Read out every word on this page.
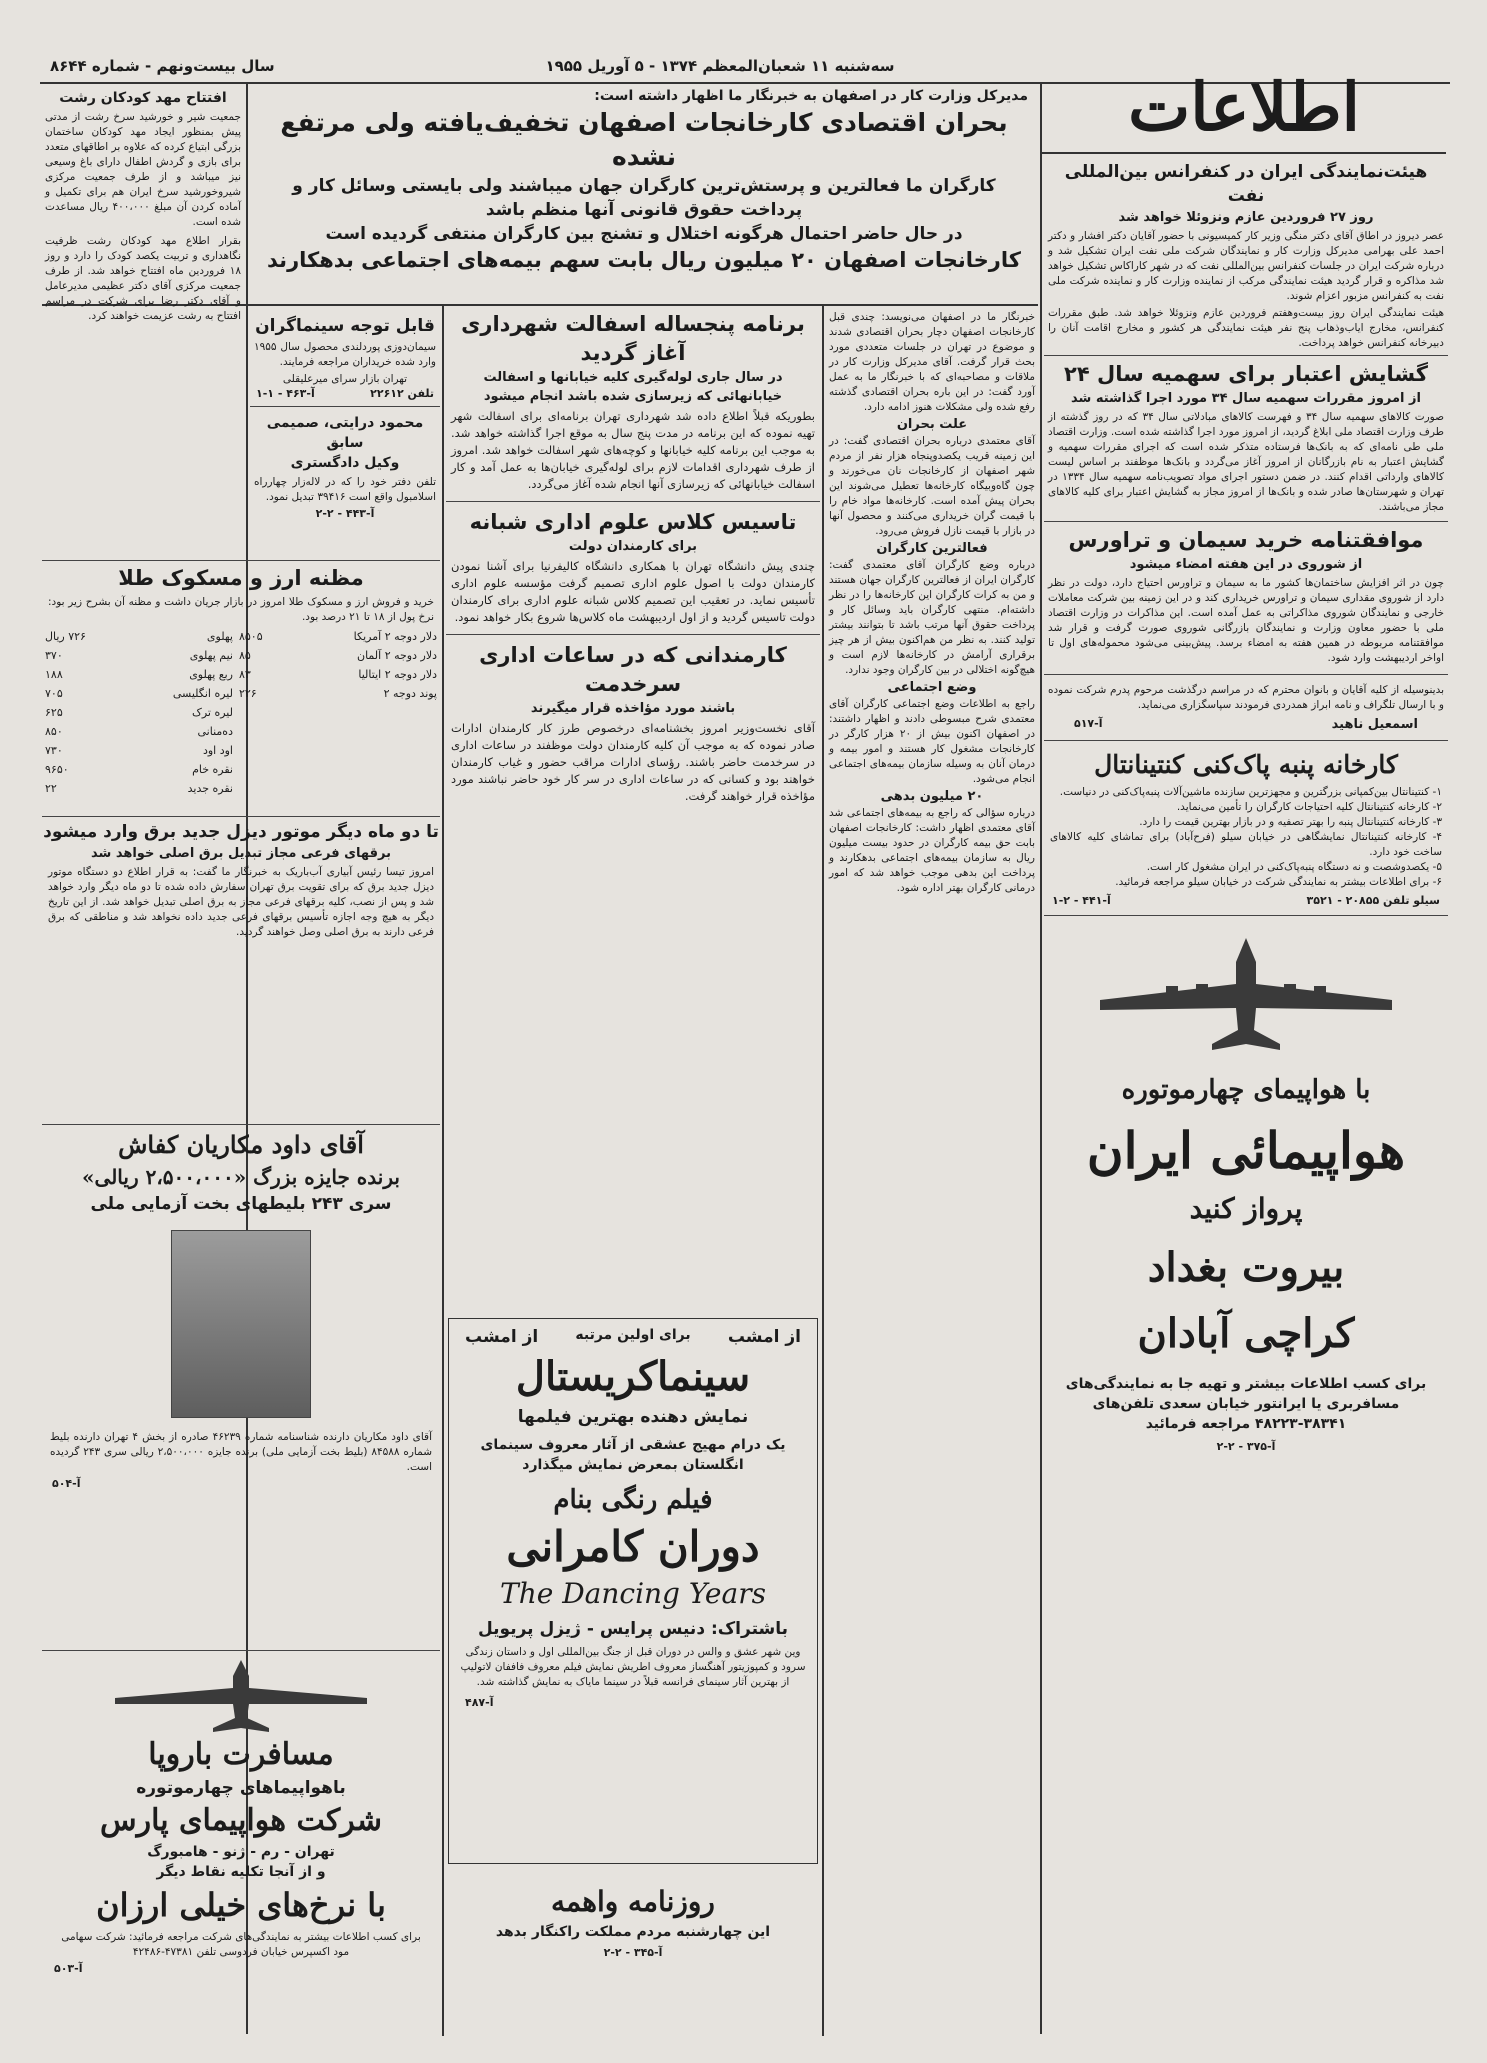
سه‌شنبه ۱۱ شعبان‌المعظم ۱۳۷۴ - ۵ آوریل ۱۹۵۵
سال بیست‌ونهم - شماره ۸۶۴۴
اطلاعات
هیئت‌نمایندگی ایران در کنفرانس بین‌المللی نفت
روز ۲۷ فروردین عازم ونزوئلا خواهد شد
عصر دیروز در اطاق آقای دکتر منگی وزیر کار کمیسیونی با حضور آقایان دکتر افشار و دکتر احمد علی بهرامی مدیرکل وزارت کار و نمایندگان شرکت ملی نفت ایران تشکیل شد و درباره شرکت ایران در جلسات کنفرانس بین‌المللی نفت که در شهر کاراکاس تشکیل خواهد شد مذاکره و قرار گردید هیئت نمایندگی مرکب از نماینده وزارت کار و نماینده شرکت ملی نفت به کنفرانس مزبور اعزام شوند.
هیئت نمایندگی ایران روز بیست‌وهفتم فروردین عازم ونزوئلا خواهد شد. طبق مقررات کنفرانس، مخارج ایاب‌وذهاب پنج نفر هیئت نمایندگی هر کشور و مخارج اقامت آنان را دبیرخانه کنفرانس خواهد پرداخت.
گشایش اعتبار برای سهمیه سال ۲۴
از امروز مقررات سهمیه سال ۳۴ مورد اجرا گذاشته شد
صورت کالاهای سهمیه سال ۳۴ و فهرست کالاهای مبادلاتی سال ۳۴ که در روز گذشته از طرف وزارت اقتصاد ملی ابلاغ گردید، از امروز مورد اجرا گذاشته شده است. وزارت اقتصاد ملی طی نامه‌ای که به بانک‌ها فرستاده متذکر شده است که اجرای مقررات سهمیه و گشایش اعتبار به نام بازرگانان از امروز آغاز می‌گردد و بانک‌ها موظفند بر اساس لیست کالاهای وارداتی اقدام کنند. در ضمن دستور اجرای مواد تصویب‌نامه سهمیه سال ۱۳۳۴ در تهران و شهرستان‌ها صادر شده و بانک‌ها از امروز مجاز به گشایش اعتبار برای کلیه کالاهای مجاز می‌باشند.
موافقتنامه خرید سیمان و تراورس
از شوروی در این هفته امضاء میشود
چون در اثر افزایش ساختمان‌ها کشور ما به سیمان و تراورس احتیاج دارد، دولت در نظر دارد از شوروی مقداری سیمان و تراورس خریداری کند و در این زمینه بین شرکت معاملات خارجی و نمایندگان شوروی مذاکراتی به عمل آمده است. این مذاکرات در وزارت اقتصاد ملی با حضور معاون وزارت و نمایندگان بازرگانی شوروی صورت گرفت و قرار شد موافقتنامه مربوطه در همین هفته به امضاء برسد. پیش‌بینی می‌شود محموله‌های اول تا اواخر اردیبهشت وارد شود.
بدینوسیله از کلیه آقایان و بانوان محترم که در مراسم درگذشت مرحوم پدرم شرکت نموده و با ارسال تلگراف و نامه ابراز همدردی فرمودند سپاسگزاری می‌نماید.
اسمعیل ناهید
آ-۵۱۷
کارخانه پنبه پاک‌کنی کنتینانتال
۱- کنتینانتال بین‌کمپانی بزرگترین و مجهزترین سازنده ماشین‌آلات پنبه‌پاک‌کنی در دنیاست.
۲- کارخانه کنتینانتال کلیه احتیاجات کارگران را تأمین می‌نماید.
۳- کارخانه کنتینانتال پنبه را بهتر تصفیه و در بازار بهترین قیمت را دارد.
۴- کارخانه کنتینانتال نمایشگاهی در خیابان سیلو (فرح‌آباد) برای تماشای کلیه کالاهای ساخت خود دارد.
۵- یکصدوشصت و نه دستگاه پنبه‌پاک‌کنی در ایران مشغول کار است.
۶- برای اطلاعات بیشتر به نمایندگی شرکت در خیابان سیلو مراجعه فرمائید.
سیلو تلفن ۲۰۸۵۵ - ۳۵۲۱
آ-۴۴۱ - ۲-۱
با هواپیمای چهارموتوره
هواپیمائی ایران
پرواز کنید
بیروت بغداد
کراچی آبادان
برای کسب اطلاعات بیشتر و تهیه جا به نمایندگی‌های مسافربری یا ایرانتور خیابان سعدی تلفن‌های ۳۸۳۴۱-۴۸۲۲۳ مراجعه فرمائید
آ-۳۷۵ - ۲-۲
مدیرکل وزارت کار در اصفهان به خبرنگار ما اظهار داشته است:
بحران اقتصادی کارخانجات اصفهان تخفیف‌یافته ولی مرتفع نشده
کارگران ما فعالترین و پرستش‌ترین کارگران جهان میباشند ولی بایستی وسائل کار و پرداخت حقوق قانونی آنها منظم باشد
در حال حاضر احتمال هرگونه اختلال و تشنج بین کارگران منتفی گردیده است
کارخانجات اصفهان ۲۰ میلیون ریال بابت سهم بیمه‌های اجتماعی بدهکارند
خبرنگار ما در اصفهان می‌نویسد: چندی قبل کارخانجات اصفهان دچار بحران اقتصادی شدند و موضوع در تهران در جلسات متعددی مورد بحث قرار گرفت. آقای مدیرکل وزارت کار در ملاقات و مصاحبه‌ای که با خبرنگار ما به عمل آورد گفت: در این باره بحران اقتصادی گذشته رفع شده ولی مشکلات هنوز ادامه دارد.
علت بحران
آقای معتمدی درباره بحران اقتصادی گفت: در این زمینه قریب یکصدوپنجاه هزار نفر از مردم شهر اصفهان از کارخانجات نان می‌خورند و چون گاه‌وبیگاه کارخانه‌ها تعطیل می‌شوند این بحران پیش آمده است. کارخانه‌ها مواد خام را با قیمت گران خریداری می‌کنند و محصول آنها در بازار با قیمت نازل فروش می‌رود.
فعالترین کارگران
درباره وضع کارگران آقای معتمدی گفت: کارگران ایران از فعالترین کارگران جهان هستند و من به کرات کارگران این کارخانه‌ها را در نظر داشته‌ام. منتهی کارگران باید وسائل کار و پرداخت حقوق آنها مرتب باشد تا بتوانند بیشتر تولید کنند. به نظر من هم‌اکنون بیش از هر چیز برقراری آرامش در کارخانه‌ها لازم است و هیچ‌گونه اختلالی در بین کارگران وجود ندارد.
وضع اجتماعی
راجع به اطلاعات وضع اجتماعی کارگران آقای معتمدی شرح مبسوطی دادند و اظهار داشتند: در اصفهان اکنون بیش از ۲۰ هزار کارگر در کارخانجات مشغول کار هستند و امور بیمه و درمان آنان به وسیله سازمان بیمه‌های اجتماعی انجام می‌شود.
۲۰ میلیون بدهی
درباره سؤالی که راجع به بیمه‌های اجتماعی شد آقای معتمدی اظهار داشت: کارخانجات اصفهان بابت حق بیمه کارگران در حدود بیست میلیون ریال به سازمان بیمه‌های اجتماعی بدهکارند و پرداخت این بدهی موجب خواهد شد که امور درمانی کارگران بهتر اداره شود.
برنامه پنجساله اسفالت شهرداری آغاز گردید
در سال جاری لوله‌گیری کلیه خیابانها و اسفالت خیابانهائی که زیرسازی شده باشد انجام میشود
بطوریکه قبلاً اطلاع داده شد شهرداری تهران برنامه‌ای برای اسفالت شهر تهیه نموده که این برنامه در مدت پنج سال به موقع اجرا گذاشته خواهد شد. به موجب این برنامه کلیه خیابانها و کوچه‌های شهر اسفالت خواهد شد. امروز از طرف شهرداری اقدامات لازم برای لوله‌گیری خیابان‌ها به عمل آمد و کار اسفالت خیابانهائی که زیرسازی آنها انجام شده آغاز می‌گردد.
تاسیس کلاس علوم اداری شبانه
برای کارمندان دولت
چندی پیش دانشگاه تهران با همکاری دانشگاه کالیفرنیا برای آشنا نمودن کارمندان دولت با اصول علوم اداری تصمیم گرفت مؤسسه علوم اداری تأسیس نماید. در تعقیب این تصمیم کلاس شبانه علوم اداری برای کارمندان دولت تاسیس گردید و از اول اردیبهشت ماه کلاس‌ها شروع بکار خواهد نمود.
کارمندانی که در ساعات اداری سرخدمت
باشند مورد مؤاخذه قرار میگیرند
آقای نخست‌وزیر امروز بخشنامه‌ای درخصوص طرز کار کارمندان ادارات صادر نموده که به موجب آن کلیه کارمندان دولت موظفند در ساعات اداری در سرخدمت حاضر باشند. رؤسای ادارات مراقب حضور و غیاب کارمندان خواهند بود و کسانی که در ساعات اداری در سر کار خود حاضر نباشند مورد مؤاخذه قرار خواهند گرفت.
از امشب
برای اولین مرتبه
از امشب
سینماکریستال
نمایش دهنده بهترین فیلمها
یک درام مهیج عشقی از آثار معروف سینمای
انگلستان بمعرض نمایش میگذارد
فیلم رنگی بنام
دوران کامرانی
The Dancing Years
باشتراک: دنیس پرایس - ژیزل پریویل
وین شهر عشق و والس در دوران قبل از جنگ بین‌المللی اول و داستان زندگی سرود و کمپوزیتور آهنگساز معروف اطریش نمایش فیلم معروف فاففان لاتولیپ از بهترین آثار سینمای فرانسه قبلاً در سینما مایاک به نمایش گذاشته شد.
آ-۴۸۷
روزنامه واهمه
این چهارشنبه مردم مملکت راکنگار بدهد
آ-۳۴۵ - ۲-۲
قابل توجه سینماگران
سیمان‌دوزی پوردلندی محصول سال ۱۹۵۵ وارد شده خریداران مراجعه فرمایند.
تهران بازار سرای میرعلیقلی
تلفن ۲۲۶۱۲
آ-۴۶۳ - ۱-۱
محمود درایتی، صمیمی سابق
وکیل دادگستری
تلفن دفتر خود را که در لاله‌زار چهارراه اسلامبول واقع است ۳۹۴۱۶ تبدیل نمود.
آ-۴۴۳ - ۲-۲
افتتاح مهد کودکان رشت
جمعیت شیر و خورشید سرخ رشت از مدتی پیش بمنظور ایجاد مهد کودکان ساختمان بزرگی ابتیاع کرده که علاوه بر اطاقهای متعدد برای بازی و گردش اطفال دارای باغ وسیعی نیز میباشد و از طرف جمعیت مرکزی شیروخورشید سرخ ایران هم برای تکمیل و آماده کردن آن مبلغ ۴۰۰،۰۰۰ ریال مساعدت شده است.
بقرار اطلاع مهد کودکان رشت ظرفیت نگاهداری و تربیت یکصد کودک را دارد و روز ۱۸ فروردین ماه افتتاح خواهد شد. از طرف جمعیت مرکزی آقای دکتر عظیمی مدیرعامل و آقای دکتر رضا برای شرکت در مراسم افتتاح به رشت عزیمت خواهند کرد.
مظنه ارز و مسکوک طلا
خرید و فروش ارز و مسکوک طلا امروز در بازار جریان داشت و مظنه آن بشرح زیر بود: نرخ پول از ۱۸ تا ۲۱ درصد بود.
دلار دوجه ۲ آمریکا	۸۵۰۵	پهلوی	۷۲۶ ریال
دلار دوجه ۲ آلمان	۸۵	نیم پهلوی	۳۷۰
دلار دوجه ۲ ایتالیا	۸۳	ربع پهلوی	۱۸۸
پوند دوجه ۲	۲۲۶	لیره انگلیسی	۷۰۵
		لیره ترک	۶۲۵
		ده‌منانی	۸۵۰
		اود اود	۷۳۰
		نقره خام	۹۶۵۰
		نقره جدید	۲۲
تا دو ماه دیگر موتور دیزل جدید برق وارد میشود
برقهای فرعی مجاز تبدیل برق اصلی خواهد شد
امروز تیسا رئیس آبیاری آب‌باریک به خبرنگار ما گفت: به قرار اطلاع دو دستگاه موتور دیزل جدید برق که برای تقویت برق تهران سفارش داده شده تا دو ماه دیگر وارد خواهد شد و پس از نصب، کلیه برقهای فرعی مجاز به برق اصلی تبدیل خواهد شد. از این تاریخ دیگر به هیچ وجه اجازه تأسیس برقهای فرعی جدید داده نخواهد شد و مناطقی که برق فرعی دارند به برق اصلی وصل خواهند گردید.
آقای داود مکاریان کفاش
برنده جایزه بزرگ «۲،۵۰۰،۰۰۰ ریالی»
سری ۲۴۳ بلیطهای بخت آزمایی ملی
آقای داود مکاریان دارنده شناسنامه شماره ۴۶۲۳۹ صادره از بخش ۴ تهران دارنده بلیط شماره ۸۴۵۸۸ (بلیط بخت آزمایی ملی) برنده جایزه ۲،۵۰۰،۰۰۰ ریالی سری ۲۴۳ گردیده است.
آ-۵۰۴
مسافرت باروپا
باهواپیماهای چهارموتوره
شرکت هواپیمای پارس
تهران - رم - ژنو - هامبورگ
و از آنجا تکلیه نقاط دیگر
با نرخ‌های خیلی ارزان
برای کسب اطلاعات بیشتر به نمایندگی‌های شرکت مراجعه فرمائید: شرکت سهامی مود اکسپرس خیابان فردوسی تلفن ۴۷۳۸۱-۴۲۴۸۶
آ-۵۰۳
